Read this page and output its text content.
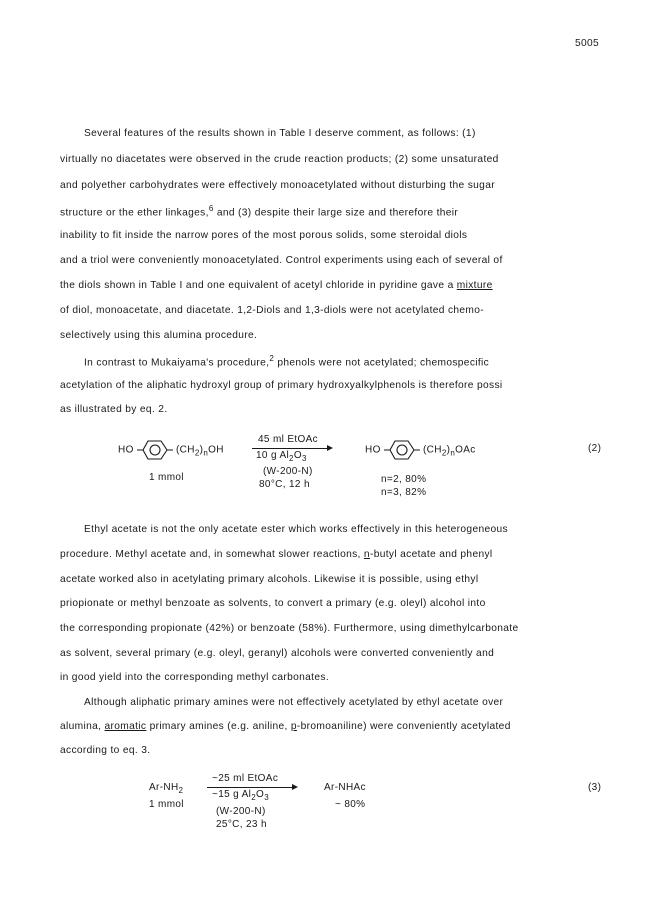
5005
Several features of the results shown in Table I deserve comment, as follows: (1)
virtually no diacetates were observed in the crude reaction products; (2) some unsaturated
and polyether carbohydrates were effectively monoacetylated without disturbing the sugar
structure or the ether linkages,$^6$ and (3) despite their large size and therefore their
inability to fit inside the narrow pores of the most porous solids, some steroidal diols
and a triol were conveniently monoacetylated. Control experiments using each of several of
the diols shown in Table I and one equivalent of acetyl chloride in pyridine gave a mixture
of diol, monoacetate, and diacetate. 1,2-Diols and 1,3-diols were not acetylated chemo-
selectively using this alumina procedure.
In contrast to Mukaiyama's procedure,$^2$ phenols were not acetylated; chemospecific
acetylation of the aliphatic hydroxyl group of primary hydroxyalkylphenols is therefore possi
as illustrated by eq. 2.
HO	$(CH_2)_nOH$
1 mmol
45 ml EtOAc
10 g $Al_2O_3$
(W-200-N)
80°C, 12 h
HO	$(CH_2)_nOAc$
n=2, 80%
n=3, 82%
(2)
Ethyl acetate is not the only acetate ester which works effectively in this heterogeneous
procedure. Methyl acetate and, in somewhat slower reactions, n-butyl acetate and phenyl
acetate worked also in acetylating primary alcohols. Likewise it is possible, using ethyl
priopionate or methyl benzoate as solvents, to convert a primary (e.g. oleyl) alcohol into
the corresponding propionate (42%) or benzoate (58%). Furthermore, using dimethylcarbonate
as solvent, several primary (e.g. oleyl, geranyl) alcohols were converted conveniently and
in good yield into the corresponding methyl carbonates.
Although aliphatic primary amines were not effectively acetylated by ethyl acetate over
alumina, aromatic primary amines (e.g. aniline, p-bromoaniline) were conveniently acetylated
according to eq. 3.
$Ar-NH_2$
1 mmol
~25 ml EtOAc
~15 g $Al_2O_3$
(W-200-N)
25°C, 23 h
Ar-NHAc
~ 80%
(3)
